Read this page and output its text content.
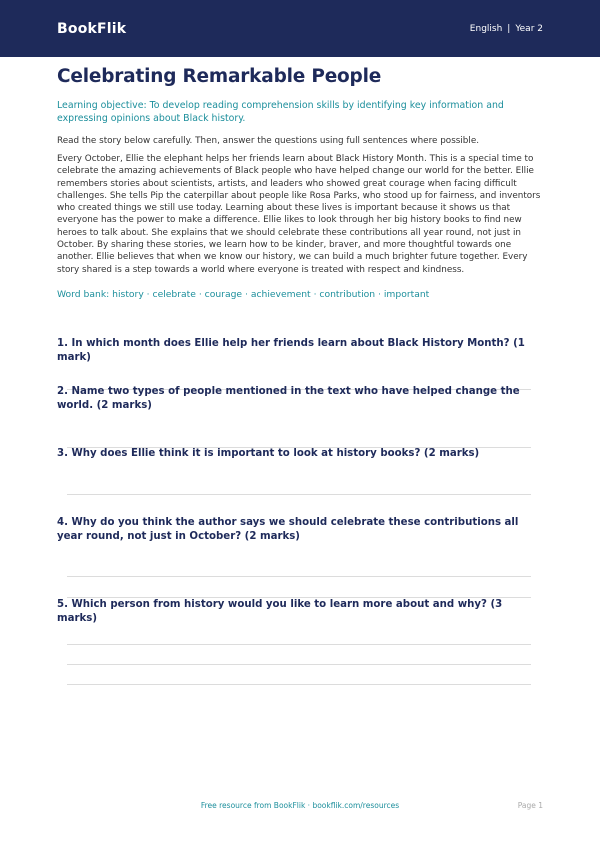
BookFlik	English | Year 2
Celebrating Remarkable People

Learning objective: To develop reading comprehension skills by identifying key information and expressing opinions about Black history.

Read the story below carefully. Then, answer the questions using full sentences where possible.

Every October, Ellie the elephant helps her friends learn about Black History Month. This is a special time to celebrate the amazing achievements of Black people who have helped change our world for the better. Ellie remembers stories about scientists, artists, and leaders who showed great courage when facing difficult challenges. She tells Pip the caterpillar about people like Rosa Parks, who stood up for fairness, and inventors who created things we still use today. Learning about these lives is important because it shows us that everyone has the power to make a difference. Ellie likes to look through her big history books to find new heroes to talk about. She explains that we should celebrate these contributions all year round, not just in October. By sharing these stories, we learn how to be kinder, braver, and more thoughtful towards one another. Ellie believes that when we know our history, we can build a much brighter future together. Every story shared is a step towards a world where everyone is treated with respect and kindness.

Word bank: history · celebrate · courage · achievement · contribution · important

1. In which month does Ellie help her friends learn about Black History Month? (1 mark)
2. Name two types of people mentioned in the text who have helped change the world. (2 marks)
3. Why does Ellie think it is important to look at history books? (2 marks)
4. Why do you think the author says we should celebrate these contributions all year round, not just in October? (2 marks)
5. Which person from history would you like to learn more about and why? (3 marks)
Free resource from BookFlik · bookflik.com/resources	Page 1
